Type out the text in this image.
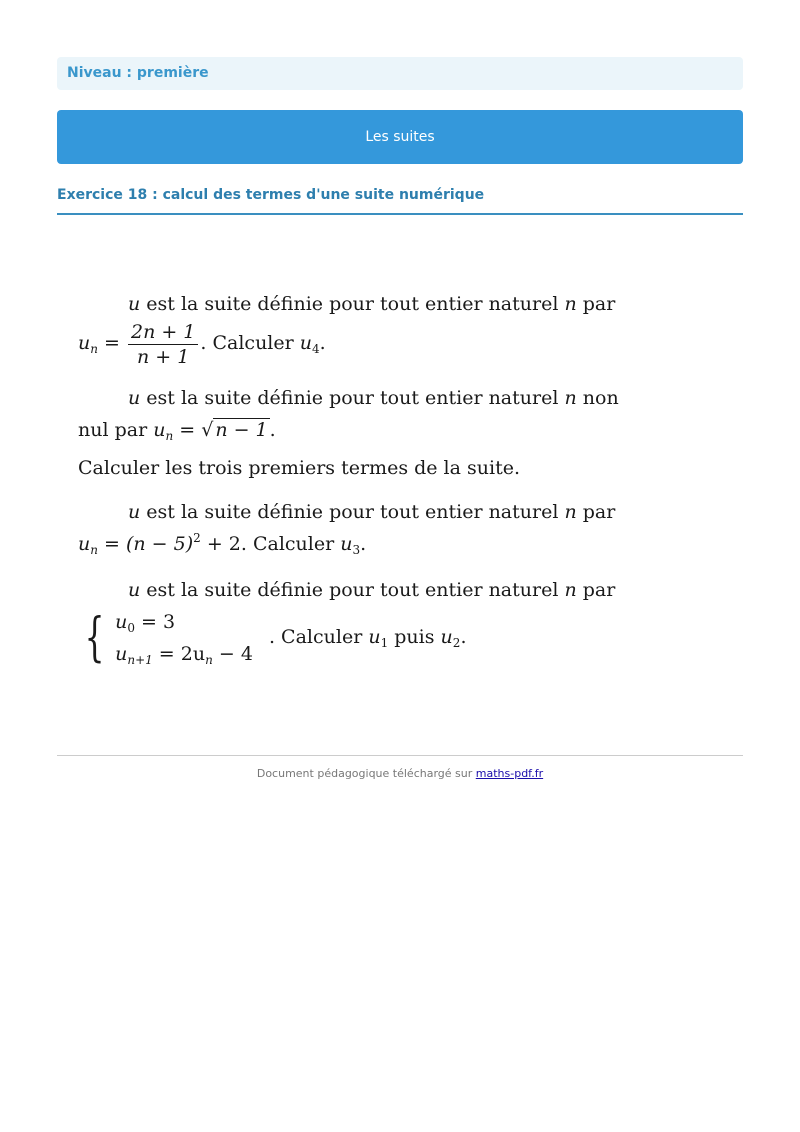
Niveau : première
Les suites
Exercice 18 : calcul des termes d'une suite numérique
u est la suite définie pour tout entier naturel n par
$u_n = \frac{2n + 1}{n + 1}$ . Calculer $u_4$.
u est la suite définie pour tout entier naturel n non
nul par $u_n$ = √ n − 1 .
Calculer les trois premiers termes de la suite.
u est la suite définie pour tout entier naturel n par
$u_n = (n - 5)^2 + 2$. Calculer $u_3$.
u est la suite définie pour tout entier naturel n par
{ $u_0 = 3$
$u_{n+1} = 2u_n - 4$
. Calculer $u_1$ puis $u_2$.
Document pédagogique téléchargé sur maths-pdf.fr
